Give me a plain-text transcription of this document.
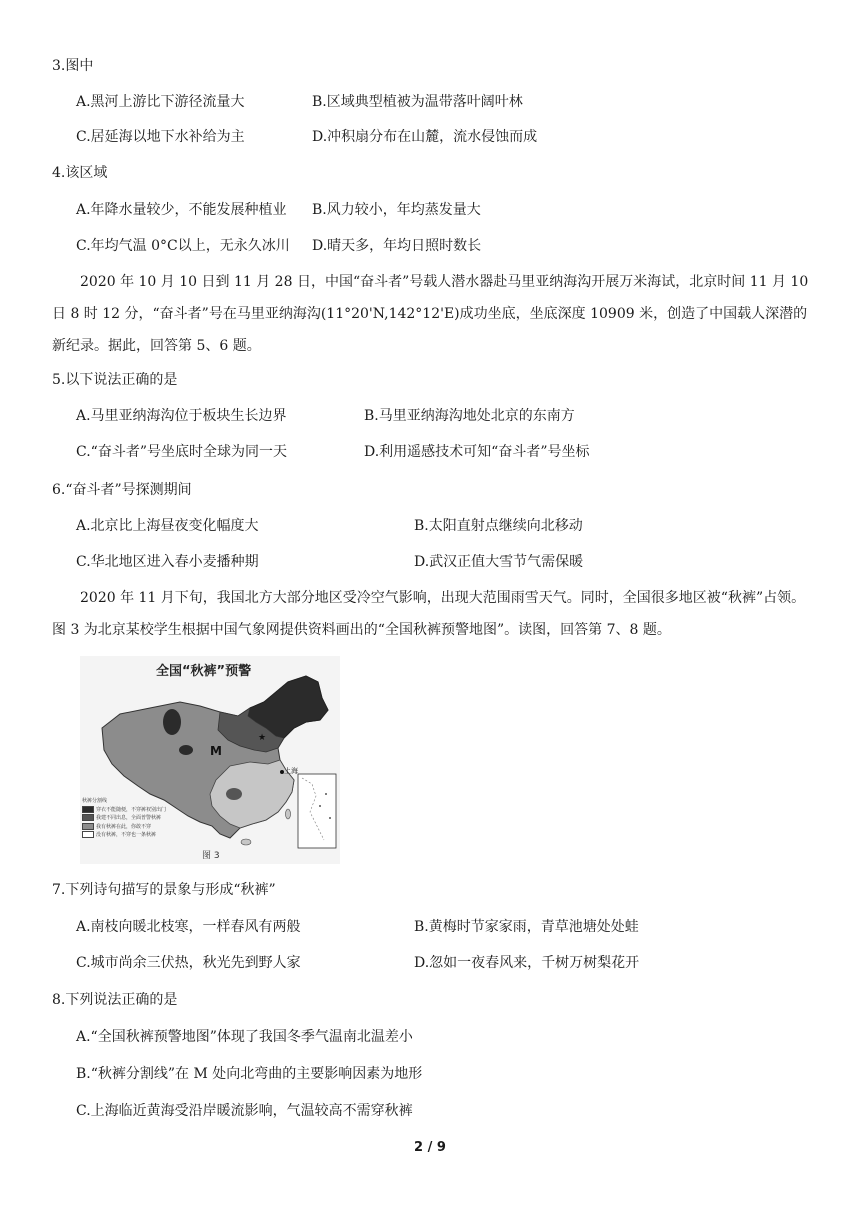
3.图中
A.黑河上游比下游径流量大	B.区域典型植被为温带落叶阔叶林
C.居延海以地下水补给为主	D.冲积扇分布在山麓，流水侵蚀而成
4.该区域
A.年降水量较少，不能发展种植业 B.风力较小，年均蒸发量大
C.年均气温 0°C以上，无永久冰川 D.晴天多，年均日照时数长
2020 年 10 月 10 日到 11 月 28 日，中国“奋斗者”号载人潜水器赴马里亚纳海沟开展万米海试，北京时间 11 月 10 日 8 时 12 分，“奋斗者”号在马里亚纳海沟(11°20'N,142°12'E)成功坐底，坐底深度 10909 米，创造了中国载人深潜的新纪录。据此，回答第 5、6 题。
5.以下说法正确的是
A.马里亚纳海沟位于板块生长边界	B.马里亚纳海沟地处北京的东南方
C.“奋斗者”号坐底时全球为同一天	D.利用遥感技术可知“奋斗者”号坐标
6.“奋斗者”号探测期间
A.北京比上海昼夜变化幅度大	B.太阳直射点继续向北移动
C.华北地区进入春小麦播种期	D.武汉正值大雪节气需保暖
2020 年 11 月下旬，我国北方大部分地区受冷空气影响，出现大范围雨雪天气。同时，全国很多地区被“秋裤”占领。图 3 为北京某校学生根据中国气象网提供资料画出的“全国秋裤预警地图”。读图，回答第 7、8 题。
全国“秋裤”预警
★
M
上海
秋裤分割线
穿衣不能随便，不穿裤衩别出门
我建不同出息，全面普警秋裤
我有秋裤在此，你敢不穿
没有秋裤，不穿也一条秋裤
图 3
7.下列诗句描写的景象与形成“秋裤”
A.南枝向暖北枝寒，一样春风有两般	B.黄梅时节家家雨，青草池塘处处蛙
C.城市尚余三伏热，秋光先到野人家	D.忽如一夜春风来，千树万树梨花开
8.下列说法正确的是
A.“全国秋裤预警地图”体现了我国冬季气温南北温差小
B.“秋裤分割线”在 M 处向北弯曲的主要影响因素为地形
C.上海临近黄海受沿岸暖流影响，气温较高不需穿秋裤
2 / 9
